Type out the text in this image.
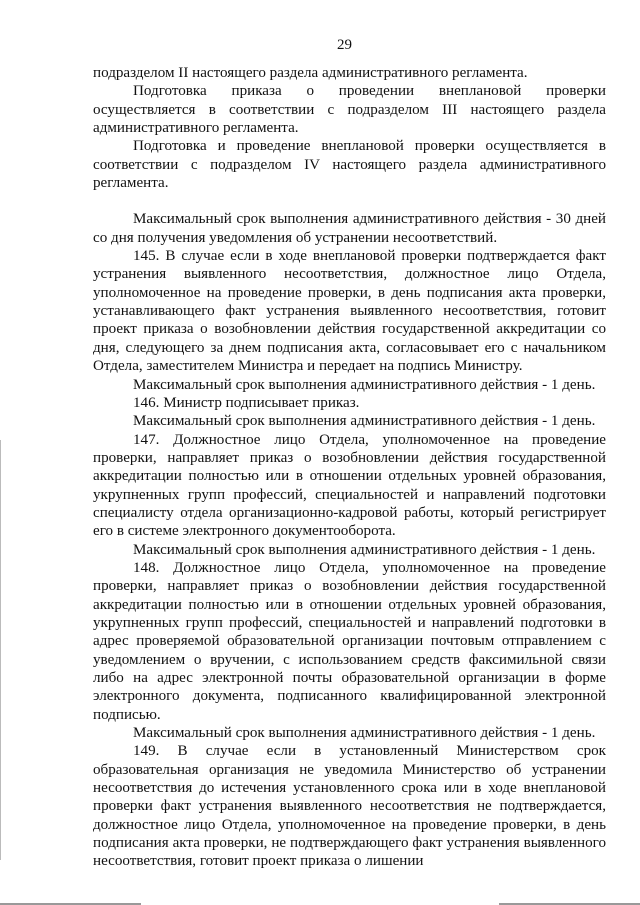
29

подразделом II настоящего раздела административного регламента.

Подготовка приказа о проведении внеплановой проверки осуществляется в соответствии с подразделом III настоящего раздела административного регламента.

Подготовка и проведение внеплановой проверки осуществляется в соответствии с подразделом IV настоящего раздела административного регламента.

Максимальный срок выполнения административного действия - 30 дней со дня получения уведомления об устранении несоответствий.

145. В случае если в ходе внеплановой проверки подтверждается факт устранения выявленного несоответствия, должностное лицо Отдела, уполномоченное на проведение проверки, в день подписания акта проверки, устанавливающего факт устранения выявленного несоответствия, готовит проект приказа о возобновлении действия государственной аккредитации со дня, следующего за днем подписания акта, согласовывает его с начальником Отдела, заместителем Министра и передает на подпись Министру.

Максимальный срок выполнения административного действия - 1 день.

146. Министр подписывает приказ.

Максимальный срок выполнения административного действия - 1 день.

147. Должностное лицо Отдела, уполномоченное на проведение проверки, направляет приказ о возобновлении действия государственной аккредитации полностью или в отношении отдельных уровней образования, укрупненных групп профессий, специальностей и направлений подготовки специалисту отдела организационно-кадровой работы, который регистрирует его в системе электронного документооборота.

Максимальный срок выполнения административного действия - 1 день.

148. Должностное лицо Отдела, уполномоченное на проведение проверки, направляет приказ о возобновлении действия государственной аккредитации полностью или в отношении отдельных уровней образования, укрупненных групп профессий, специальностей и направлений подготовки в адрес проверяемой образовательной организации почтовым отправлением с уведомлением о вручении, с использованием средств факсимильной связи либо на адрес электронной почты образовательной организации в форме электронного документа, подписанного квалифицированной электронной подписью.

Максимальный срок выполнения административного действия - 1 день.

149. В случае если в установленный Министерством срок образовательная организация не уведомила Министерство об устранении несоответствия до истечения установленного срока или в ходе внеплановой проверки факт устранения выявленного несоответствия не подтверждается, должностное лицо Отдела, уполномоченное на проведение проверки, в день подписания акта проверки, не подтверждающего факт устранения выявленного несоответствия, готовит проект приказа о лишении
